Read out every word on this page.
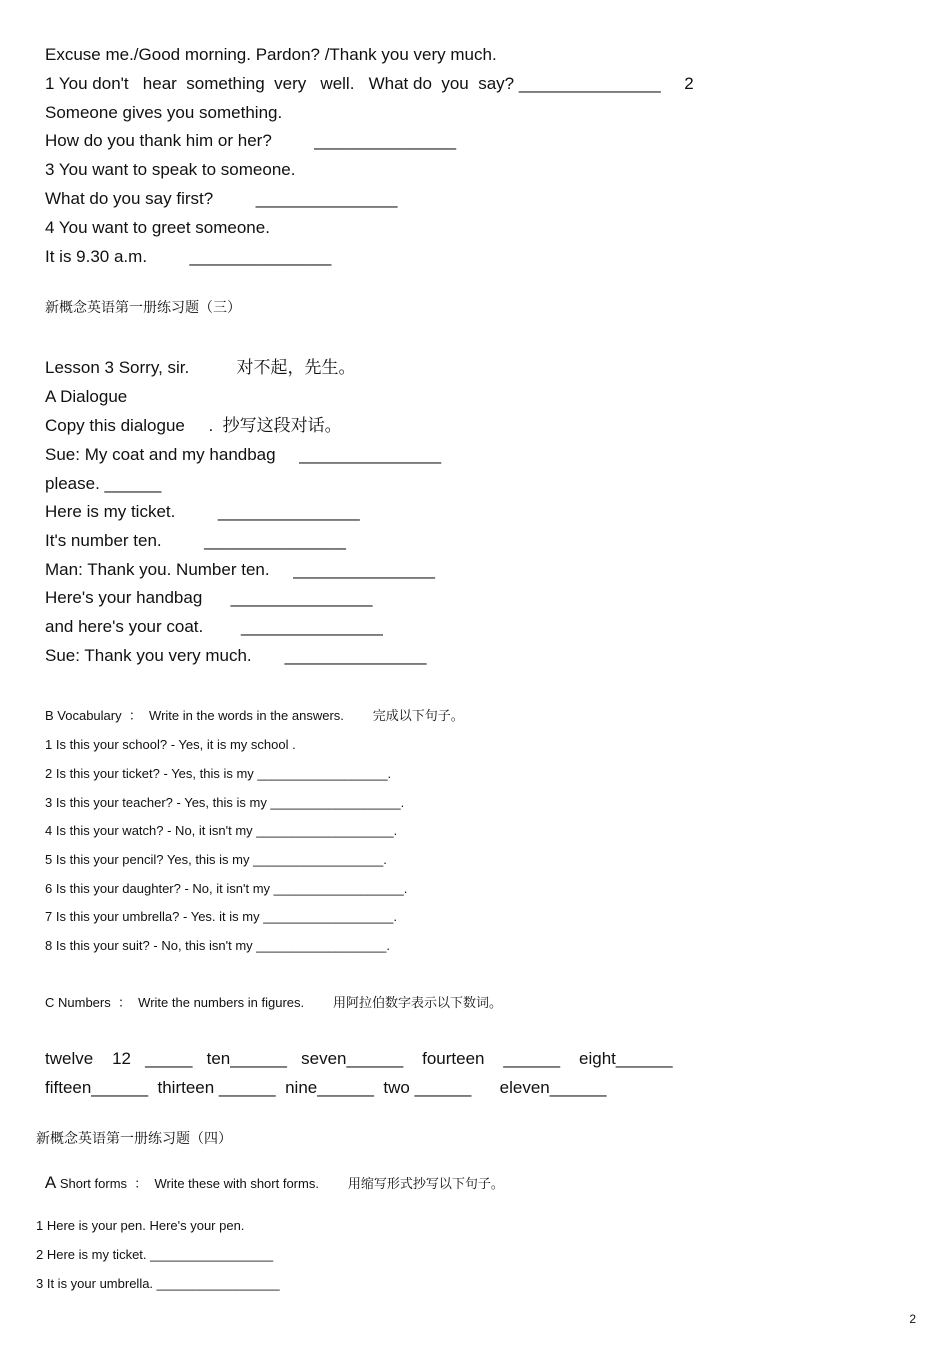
Excuse me./Good morning. Pardon? /Thank you very much.
1 You don't   hear  something  very   well.   What do  you  say? _______________     2
Someone gives you something.
How do you thank him or her?         _______________
3 You want to speak to someone.
What do you say first?         _______________
4 You want to greet someone.
It is 9.30 a.m.         _______________
新概念英语第一册练习题（三）
Lesson 3 Sorry, sir.          对不起，先生。
A Dialogue
Copy this dialogue     .  抄写这段对话。
Sue: My coat and my handbag     _______________
please. ______
Here is my ticket.         _______________
It's number ten.         _______________
Man: Thank you. Number ten.     _______________
Here's your handbag      _______________
and here's your coat.        _______________
Sue: Thank you very much.       _______________
B Vocabulary  ：  Write in the words in the answers.        完成以下句子。
1 Is this your school? - Yes, it is my school .
2 Is this your ticket? - Yes, this is my __________________.
3 Is this your teacher? - Yes, this is my __________________.
4 Is this your watch? - No, it isn't my ___________________.
5 Is this your pencil? Yes, this is my __________________.
6 Is this your daughter? - No, it isn't my __________________.
7 Is this your umbrella? - Yes. it is my __________________.
8 Is this your suit? - No, this isn't my __________________.
C Numbers  ：  Write the numbers in figures.        用阿拉伯数字表示以下数词。
twelve    12   _____   ten______   seven______    fourteen    ______    eight______
fifteen______  thirteen ______  nine______  two ______      eleven______
新概念英语第一册练习题（四）

A Short forms  ：  Write these with short forms.        用缩写形式抄写以下句子。

1 Here is your pen. Here's your pen.
2 Here is my ticket. _________________
3 It is your umbrella. _________________
2
